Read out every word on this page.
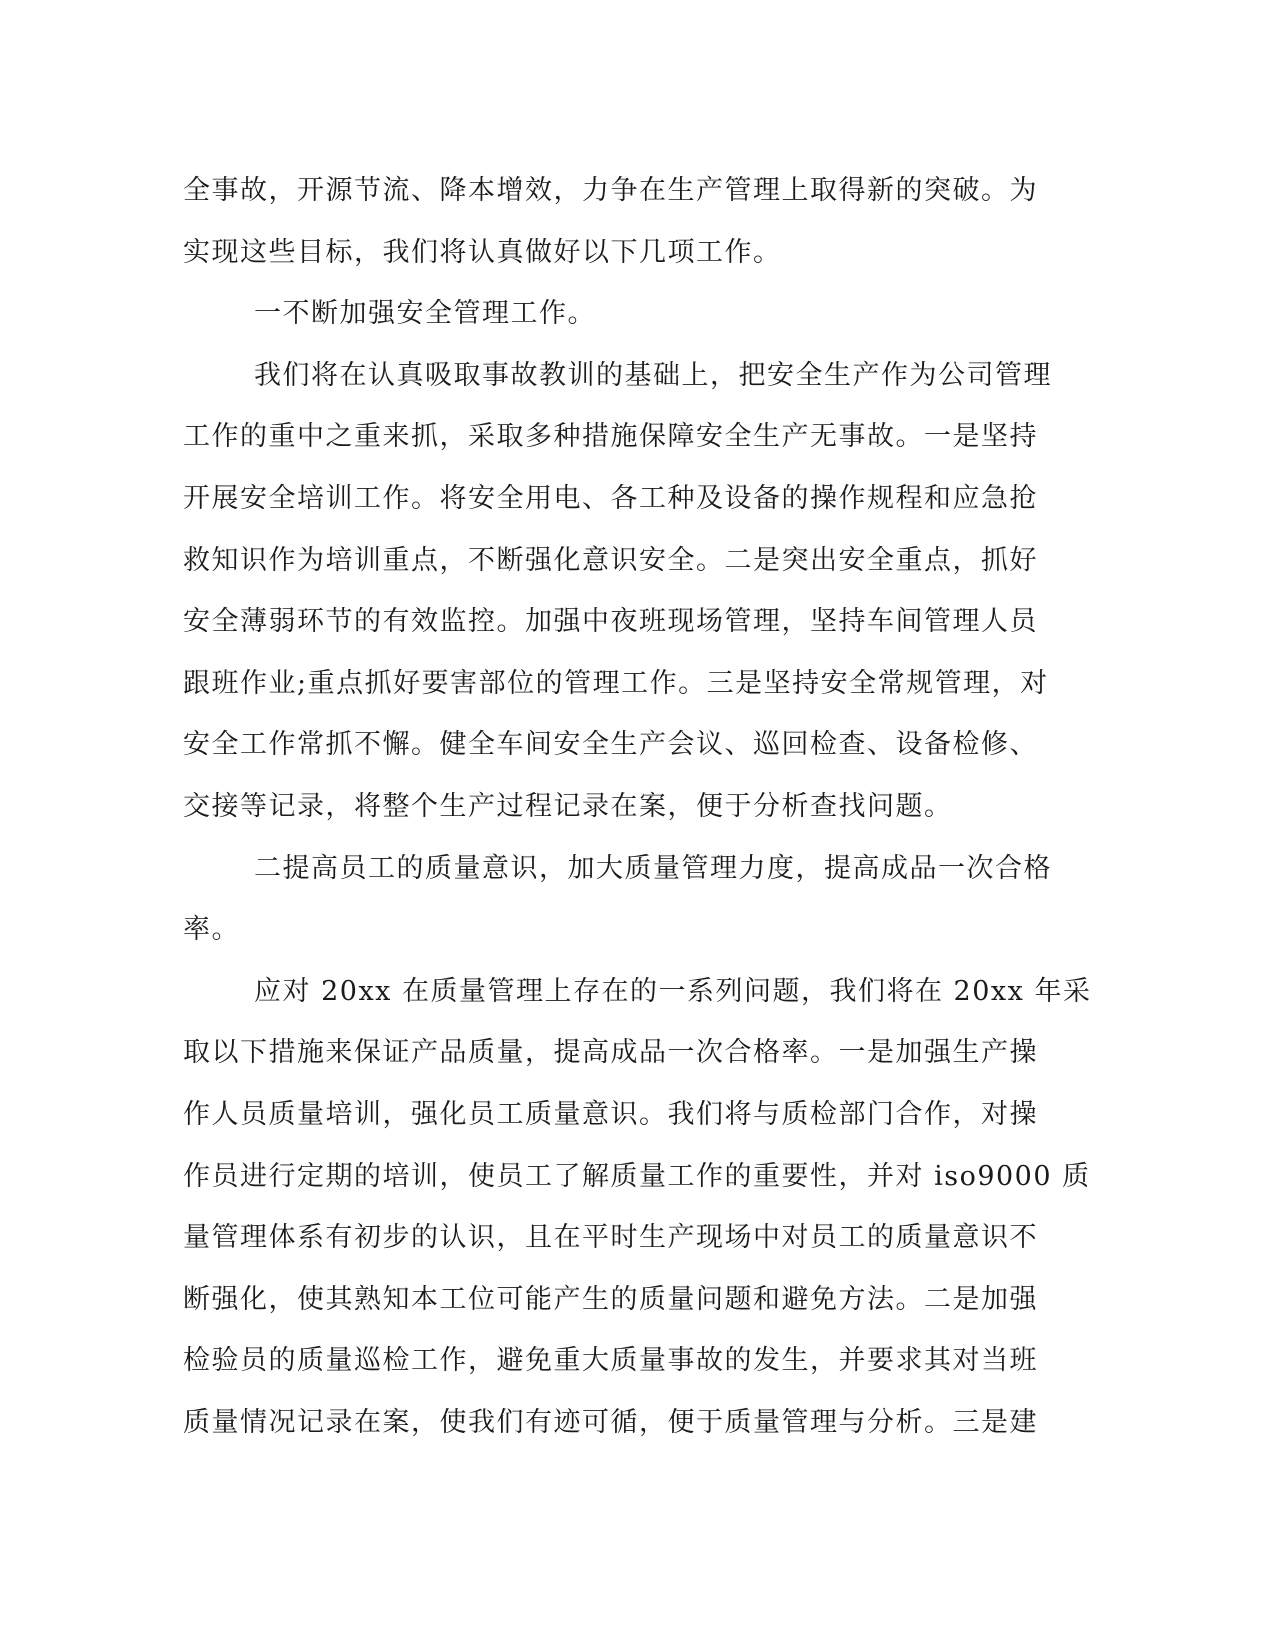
全事故，开源节流、降本增效，力争在生产管理上取得新的突破。为
实现这些目标，我们将认真做好以下几项工作。
一不断加强安全管理工作。
我们将在认真吸取事故教训的基础上，把安全生产作为公司管理
工作的重中之重来抓，采取多种措施保障安全生产无事故。一是坚持
开展安全培训工作。将安全用电、各工种及设备的操作规程和应急抢
救知识作为培训重点，不断强化意识安全。二是突出安全重点，抓好
安全薄弱环节的有效监控。加强中夜班现场管理，坚持车间管理人员
跟班作业;重点抓好要害部位的管理工作。三是坚持安全常规管理，对
安全工作常抓不懈。健全车间安全生产会议、巡回检查、设备检修、
交接等记录，将整个生产过程记录在案，便于分析查找问题。
二提高员工的质量意识，加大质量管理力度，提高成品一次合格
率。
应对 20xx 在质量管理上存在的一系列问题，我们将在 20xx 年采
取以下措施来保证产品质量，提高成品一次合格率。一是加强生产操
作人员质量培训，强化员工质量意识。我们将与质检部门合作，对操
作员进行定期的培训，使员工了解质量工作的重要性，并对 iso9000 质
量管理体系有初步的认识，且在平时生产现场中对员工的质量意识不
断强化，使其熟知本工位可能产生的质量问题和避免方法。二是加强
检验员的质量巡检工作，避免重大质量事故的发生，并要求其对当班
质量情况记录在案，使我们有迹可循，便于质量管理与分析。三是建
